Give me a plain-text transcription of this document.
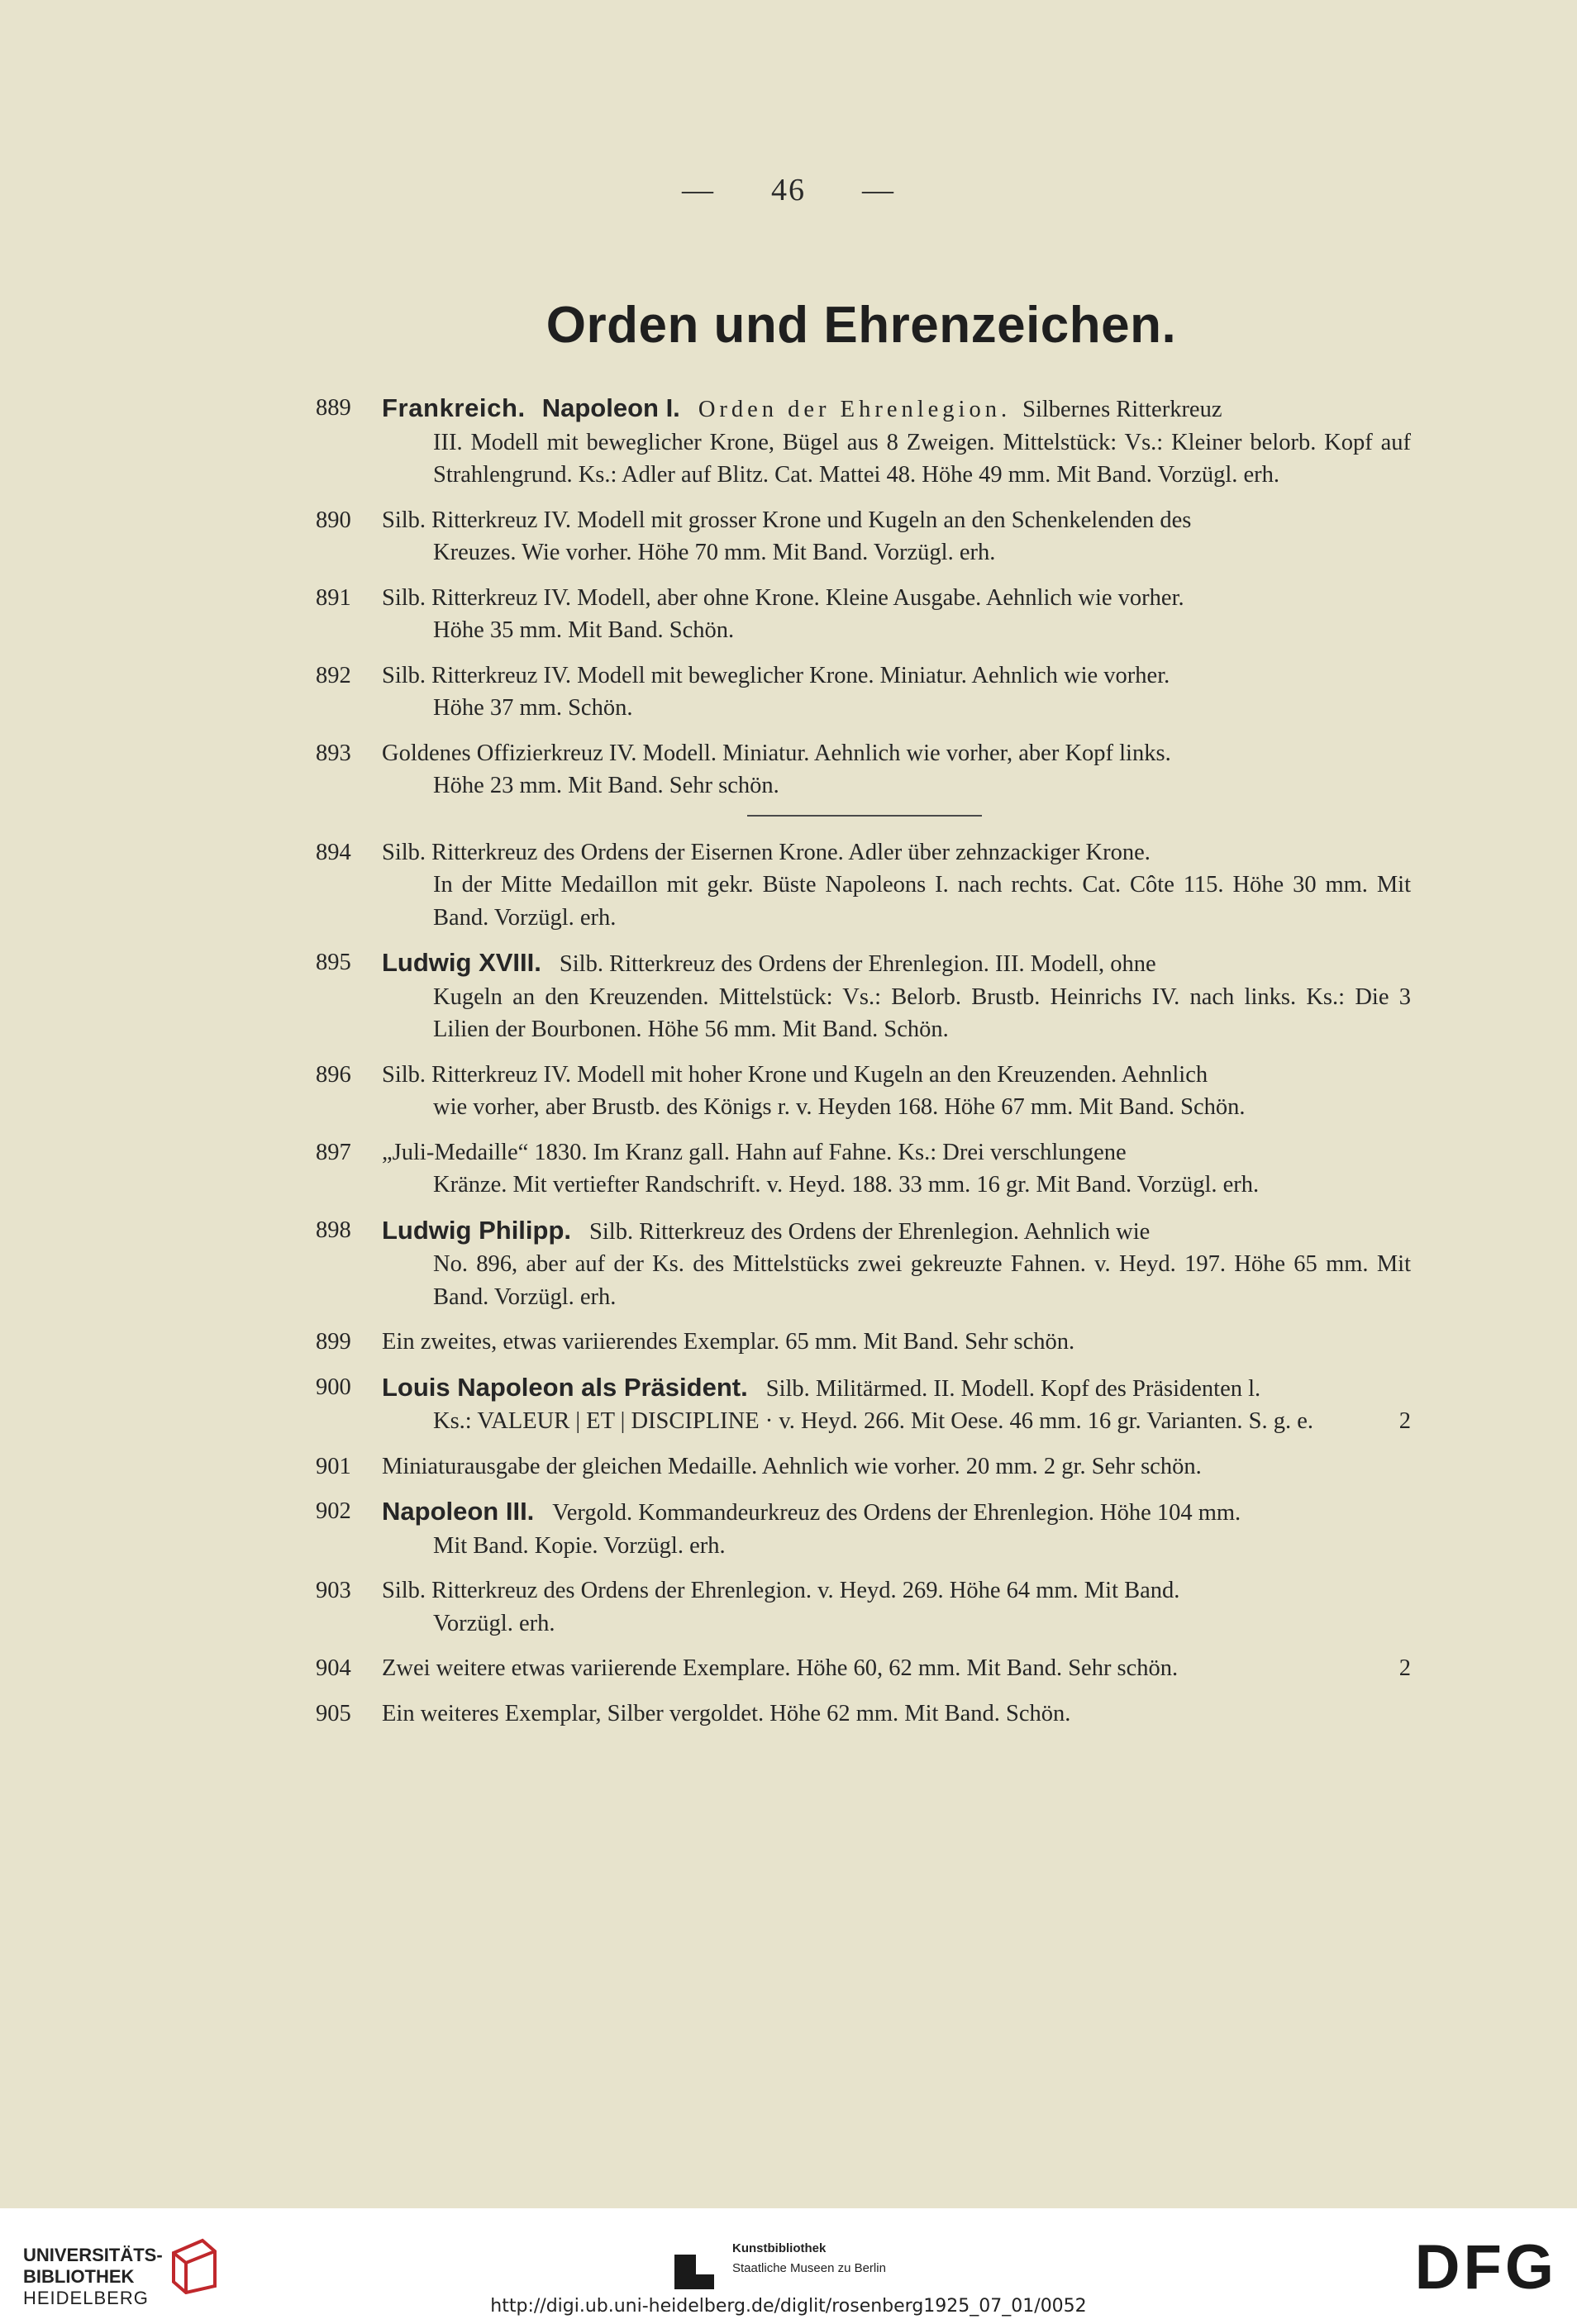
— 46 —
Orden und Ehrenzeichen.
889	Frankreich. Napoleon I. Orden der Ehrenlegion. Silbernes Ritterkreuz
III. Modell mit beweglicher Krone, Bügel aus 8 Zweigen. Mittelstück: Vs.: Kleiner belorb. Kopf auf Strahlengrund. Ks.: Adler auf Blitz. Cat. Mattei 48. Höhe 49 mm. Mit Band. Vorzügl. erh.
890	Silb. Ritterkreuz IV. Modell mit grosser Krone und Kugeln an den Schenkelenden des
Kreuzes. Wie vorher. Höhe 70 mm. Mit Band. Vorzügl. erh.
891	Silb. Ritterkreuz IV. Modell, aber ohne Krone. Kleine Ausgabe. Aehnlich wie vorher.
Höhe 35 mm. Mit Band. Schön.
892	Silb. Ritterkreuz IV. Modell mit beweglicher Krone. Miniatur. Aehnlich wie vorher.
Höhe 37 mm. Schön.
893	Goldenes Offizierkreuz IV. Modell. Miniatur. Aehnlich wie vorher, aber Kopf links.
Höhe 23 mm. Mit Band. Sehr schön.
894	Silb. Ritterkreuz des Ordens der Eisernen Krone. Adler über zehnzackiger Krone.
In der Mitte Medaillon mit gekr. Büste Napoleons I. nach rechts. Cat. Côte 115. Höhe 30 mm. Mit Band. Vorzügl. erh.
895	Ludwig XVIII. Silb. Ritterkreuz des Ordens der Ehrenlegion. III. Modell, ohne
Kugeln an den Kreuzenden. Mittelstück: Vs.: Belorb. Brustb. Heinrichs IV. nach links. Ks.: Die 3 Lilien der Bourbonen. Höhe 56 mm. Mit Band. Schön.
896	Silb. Ritterkreuz IV. Modell mit hoher Krone und Kugeln an den Kreuzenden. Aehnlich
wie vorher, aber Brustb. des Königs r. v. Heyden 168. Höhe 67 mm. Mit Band. Schön.
897	„Juli-Medaille“ 1830. Im Kranz gall. Hahn auf Fahne. Ks.: Drei verschlungene
Kränze. Mit vertiefter Randschrift. v. Heyd. 188. 33 mm. 16 gr. Mit Band. Vorzügl. erh.
898	Ludwig Philipp. Silb. Ritterkreuz des Ordens der Ehrenlegion. Aehnlich wie
No. 896, aber auf der Ks. des Mittelstücks zwei gekreuzte Fahnen. v. Heyd. 197. Höhe 65 mm. Mit Band. Vorzügl. erh.
899	Ein zweites, etwas variierendes Exemplar. 65 mm. Mit Band. Sehr schön.
900	Louis Napoleon als Präsident. Silb. Militärmed. II. Modell. Kopf des Präsidenten l.
Ks.: VALEUR | ET | DISCIPLINE · v. Heyd. 266. Mit Oese. 46 mm. 16 gr. Varianten. S. g. e.	2
901	Miniaturausgabe der gleichen Medaille. Aehnlich wie vorher. 20 mm. 2 gr. Sehr schön.
902	Napoleon III. Vergold. Kommandeurkreuz des Ordens der Ehrenlegion. Höhe 104 mm.
Mit Band. Kopie. Vorzügl. erh.
903	Silb. Ritterkreuz des Ordens der Ehrenlegion. v. Heyd. 269. Höhe 64 mm. Mit Band.
Vorzügl. erh.
904	Zwei weitere etwas variierende Exemplare. Höhe 60, 62 mm. Mit Band. Sehr schön.	2
905	Ein weiteres Exemplar, Silber vergoldet. Höhe 62 mm. Mit Band. Schön.
UNIVERSITÄTS-
BIBLIOTHEK
HEIDELBERG
Kunstbibliothek
Staatliche Museen zu Berlin	DFG
http://digi.ub.uni-heidelberg.de/diglit/rosenberg1925_07_01/0052
